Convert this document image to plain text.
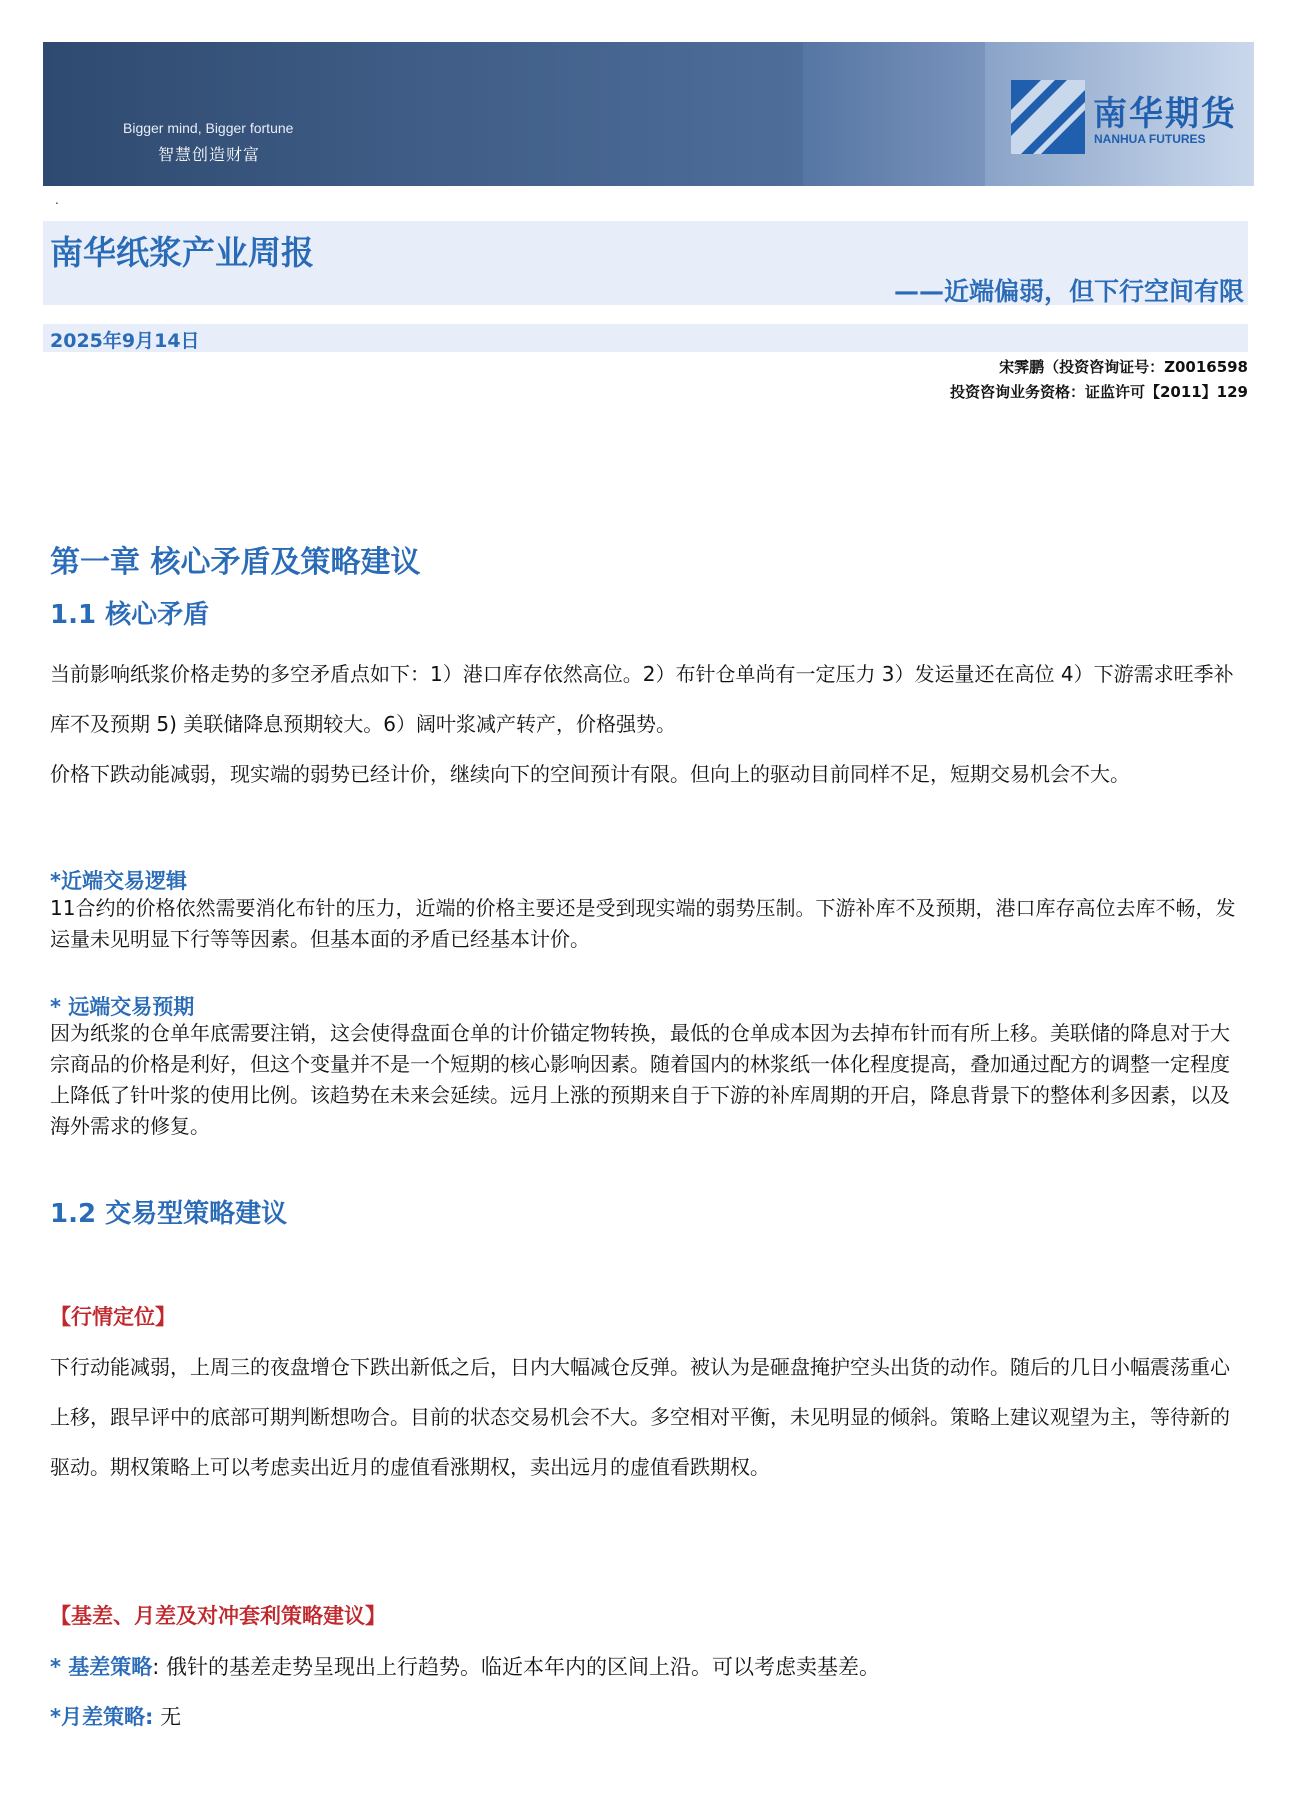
Bigger mind, Bigger fortune
智慧创造财富
南华期货
NANHUA FUTURES
.
南华纸浆产业周报
——近端偏弱，但下行空间有限
2025年9月14日
宋霁鹏（投资咨询证号：Z0016598
投资咨询业务资格：证监许可【2011】129
第一章 核心矛盾及策略建议
1.1 核心矛盾

当前影响纸浆价格走势的多空矛盾点如下：1）港口库存依然高位。2）布针仓单尚有一定压力 3）发运量还在高位 4）下游需求旺季补库不及预期 5) 美联储降息预期较大。6）阔叶浆减产转产，价格强势。

价格下跌动能减弱，现实端的弱势已经计价，继续向下的空间预计有限。但向上的驱动目前同样不足，短期交易机会不大。

*近端交易逻辑

11合约的价格依然需要消化布针的压力，近端的价格主要还是受到现实端的弱势压制。下游补库不及预期，港口库存高位去库不畅，发运量未见明显下行等等因素。但基本面的矛盾已经基本计价。

* 远端交易预期

因为纸浆的仓单年底需要注销，这会使得盘面仓单的计价锚定物转换，最低的仓单成本因为去掉布针而有所上移。美联储的降息对于大宗商品的价格是利好，但这个变量并不是一个短期的核心影响因素。随着国内的林浆纸一体化程度提高，叠加通过配方的调整一定程度上降低了针叶浆的使用比例。该趋势在未来会延续。远月上涨的预期来自于下游的补库周期的开启，降息背景下的整体利多因素，以及海外需求的修复。

1.2 交易型策略建议
【行情定位】

下行动能减弱，上周三的夜盘增仓下跌出新低之后，日内大幅减仓反弹。被认为是砸盘掩护空头出货的动作。随后的几日小幅震荡重心上移，跟早评中的底部可期判断想吻合。目前的状态交易机会不大。多空相对平衡，未见明显的倾斜。策略上建议观望为主，等待新的驱动。期权策略上可以考虑卖出近月的虚值看涨期权，卖出远月的虚值看跌期权。

【基差、月差及对冲套利策略建议】
* 基差策略: 俄针的基差走势呈现出上行趋势。临近本年内的区间上沿。可以考虑卖基差。
*月差策略: 无
